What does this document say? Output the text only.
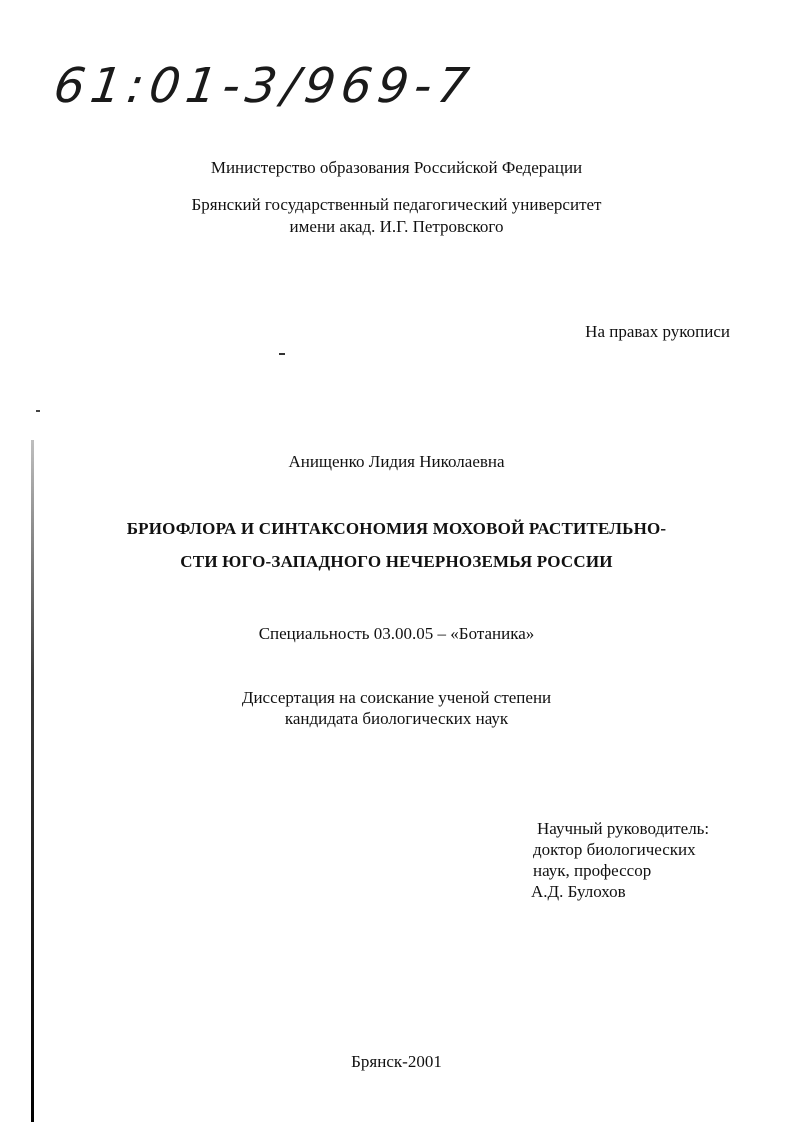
61:01-3/969-7

Министерство образования Российской Федерации

Брянский государственный педагогический университет
имени акад. И.Г. Петровского

На правах рукописи

Анищенко Лидия Николаевна

БРИОФЛОРА И СИНТАКСОНОМИЯ МОХОВОЙ РАСТИТЕЛЬНО-
СТИ ЮГО-ЗАПАДНОГО НЕЧЕРНОЗЕМЬЯ РОССИИ

Специальность 03.00.05 – «Ботаника»

Диссертация на соискание ученой степени
кандидата биологических наук

Научный руководитель:
доктор биологических
наук, профессор
А.Д. Булохов

Брянск-2001
